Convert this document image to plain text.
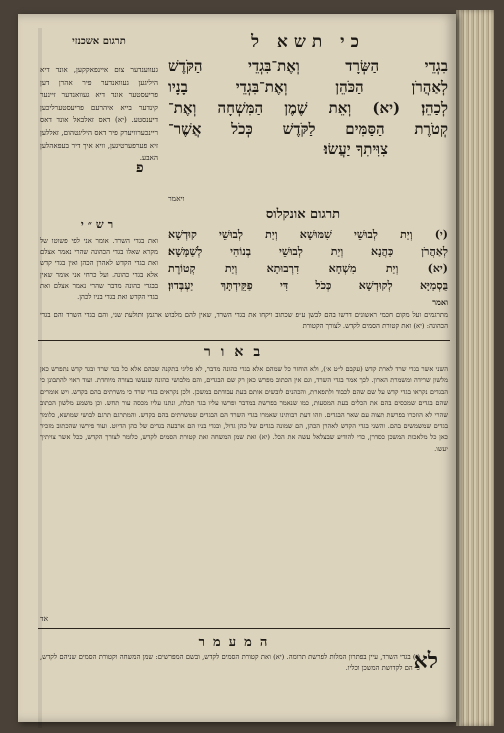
תרגום אשכנזי
געווענדער צום איינפאקקען, אונד דיא היליגען געוואנדער פיר אהרן דען פריעסטער אונד דיא געוואנדער זיינער קינדער בייא איהרעם פריעסטערליכען דיענסטע. (יא) דאס זאלבאל אונד דאס ריינכערוויערק פיר דאס היליגטהום, זאללען זיא פערפערטיגען, וויא איך דיר בעפאהלען האבע.
כי תשא ל
בִגְדֵי הַשְּׂרָד וְאֶת־בִּגְדֵי הַקֹּדֶשׁ
לְאַהֲרֹן הַכֹּהֵן וְאֶת־בִּגְדֵי בָנָיו
לְכַהֵן׃ (יא) וְאֵת שֶׁמֶן הַמִּשְׁחָה וְאֶת־
קְטֹרֶת הַסַּמִּים לַקֹּדֶשׁ כְּכֹל אֲשֶׁר־
צִוִּיתִךָ יַעֲשׂוּ׃
פ
ויאמר
תרגום אונקלוס
(י) וְיַת לְבוּשֵׁי שִׁמּוּשָׁא וְיַת לְבוּשֵׁי קוּדְשָׁא
לְאַהֲרֹן כַּהֲנָא וְיַת לְבוּשֵׁי בְנוֹהִי לְשַׁמָּשָׁא׃
(יא) וְיַת מִשְׁחָא דִרְבוּתָא וְיַת קְטוֹרֶת
בֻּסְמַיָּא לְקוּדְשָׁא כְּכֹל דִּי פַקֵּידְתָּךְ יַעְבְּדוּן׃
ואמר
רש״י
ואת בגדי השרד. אומר אני לפי פשוטו של מקרא שאלו בגדי הכהונה שהרי נאמר אצלם ואת בגדי הקדש לאהרן הכהן ואין בגדי קדש אלא בגדי כהונה. ועל כרחי אני אומר שאין בבגדי כהונה מדבר שהרי נאמר אצלם ואת בגדי הקדש ואת בגדי בניו לכהן.
מתרגמים ועל מקום חכמי ראשונים דרשו בהם לבשן ע״פ שכתוב ויקחו את בגדי השרד, שאין להם מלבוש ארגמן ותולעת שני, והם בגדי השרד והם בגדי הכהונה: (יא) ואת קטורת הסמים לקדש. לצורך הקטורת
באור
השני אשר בגדי שרד לארת קדש (עקבם ל״ט א׳), ולא הוחזר כל שמהם אלא בגדי כהונה מדבר, לא פליגי בתקנה שבהם אלא כל בגד שרד ובגד קדש נתפרש כאן מלשון שרידה ומשמרת הארון. לכך אמר בגדי השרד, וגם אין הכתוב מפרש כאן רק שם הבגדים, והם מלבושי כהונה שנעשו בצורה מיוחדת. ועוד ראוי להתבונן כי הבגדים נקראו בגדי קדש על שם שהם לכבוד ולתפארת, והכהנים לובשים אותם בעת עבודתם במשכן. ולכן נקראים בגדי שרד כי משרתים בהם בקדש. ויש אומרים שהם בגדים שמכסים בהם את הכלים בעת המסעות, כמו שנאמר בפרשת במדבר ופרשו עליו בגד תכלת, ונתנו עליו מכסה עור תחש. וכן משמע מלשון הכתוב שהרי לא הוזכרו בפרשת תצוה עם שאר הבגדים. וזהו דעת רבותינו שאמרו בגדי השרד הם הבגדים שמשרתים בהם בקדש. והמתרגם תרגם לבושי שמושא, כלומר בגדים שמשמשים בהם. והשני בגדי הקדש לאהרן הכהן, הם שמונה בגדים של כהן גדול, ובגדי בניו הם ארבעה בגדים של כהן הדיוט. ועוד פירשו שהכתוב מזכיר כאן כל מלאכות המשכן כסדרן, כדי להודיע שבצלאל עשה את הכל. (יא) ואת שמן המשחה ואת קטורת הסמים לקדש, כלומר לצורך הקדש, ככל אשר צויתיך יעשו.
אד
המעמר
לא
(י) בגדי השרד, עיין בפתרון המלות לפרשת תרומה. (יא) ואת קטורת הסמים לקדש, ובשם המפרשים: שמן המשחה וקטורת הסמים שניהם לקדש, כי הם לקדושת המשכן וכליו.
